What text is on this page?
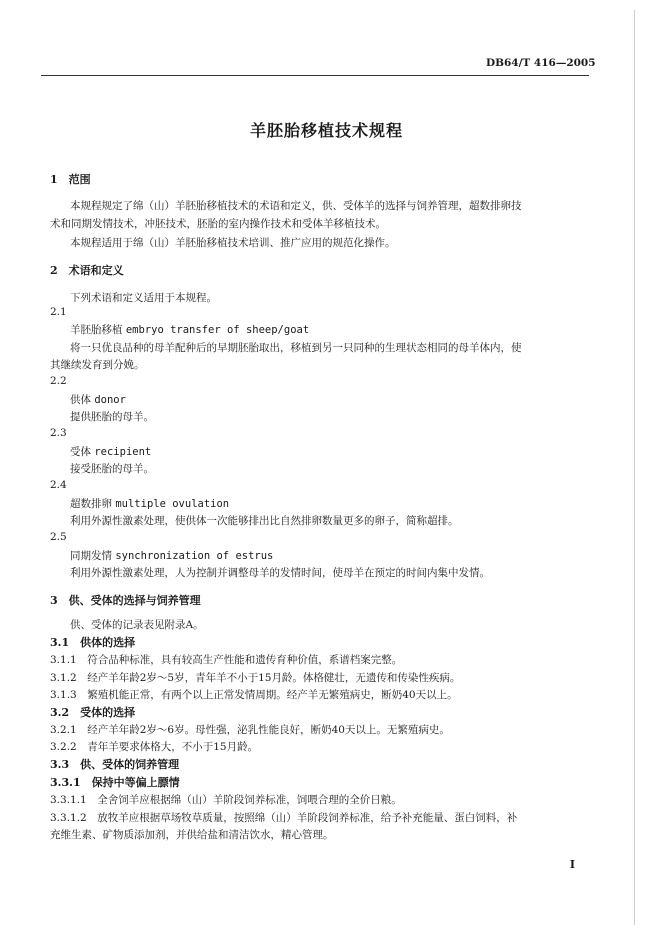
DB64/T 416—2005
羊胚胎移植技术规程
1　范围
本规程规定了绵（山）羊胚胎移植技术的术语和定义，供、受体羊的选择与饲养管理，超数排卵技
术和同期发情技术，冲胚技术，胚胎的室内操作技术和受体羊移植技术。
本规程适用于绵（山）羊胚胎移植技术培训、推广应用的规范化操作。
2　术语和定义
下列术语和定义适用于本规程。
2.1
羊胚胎移植 embryo transfer of sheep/goat
将一只优良品种的母羊配种后的早期胚胎取出，移植到另一只同种的生理状态相同的母羊体内，使
其继续发育到分娩。
2.2
供体 donor
提供胚胎的母羊。
2.3
受体 recipient
接受胚胎的母羊。
2.4
超数排卵 multiple ovulation
利用外源性激素处理，使供体一次能够排出比自然排卵数量更多的卵子，简称超排。
2.5
同期发情 synchronization of estrus
利用外源性激素处理，人为控制并调整母羊的发情时间，使母羊在预定的时间内集中发情。
3　供、受体的选择与饲养管理
供、受体的记录表见附录A。
3.1　供体的选择
3.1.1　符合品种标准，具有较高生产性能和遗传育种价值，系谱档案完整。
3.1.2　经产羊年龄2岁～5岁，青年羊不小于15月龄。体格健壮，无遗传和传染性疾病。
3.1.3　繁殖机能正常，有两个以上正常发情周期。经产羊无繁殖病史，断奶40天以上。
3.2　受体的选择
3.2.1　经产羊年龄2岁～6岁。母性强，泌乳性能良好，断奶40天以上。无繁殖病史。
3.2.2　青年羊要求体格大，不小于15月龄。
3.3　供、受体的饲养管理
3.3.1　保持中等偏上膘情
3.3.1.1　全舍饲羊应根据绵（山）羊阶段饲养标准，饲喂合理的全价日粮。
3.3.1.2　放牧羊应根据草场牧草质量，按照绵（山）羊阶段饲养标准，给予补充能量、蛋白饲料，补
充维生素、矿物质添加剂，并供给盐和清洁饮水，精心管理。
I
